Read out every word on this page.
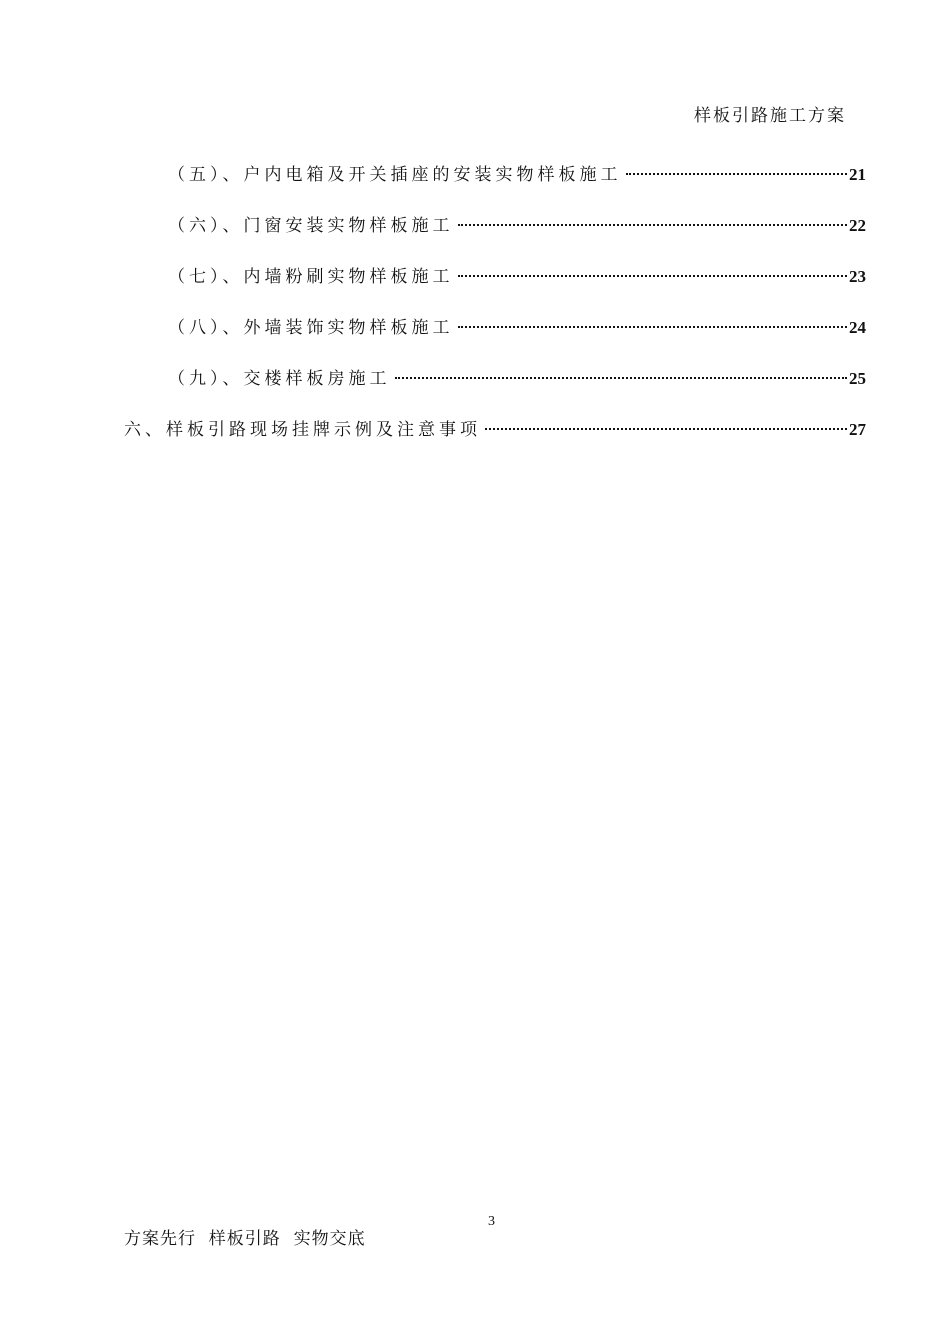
样板引路施工方案
（五）、户内电箱及开关插座的安装实物样板施工	21
（六）、门窗安装实物样板施工	22
（七）、内墙粉刷实物样板施工	23
（八）、外墙装饰实物样板施工	24
（九）、交楼样板房施工	25
六、样板引路现场挂牌示例及注意事项	27
3
方案先行  样板引路  实物交底
